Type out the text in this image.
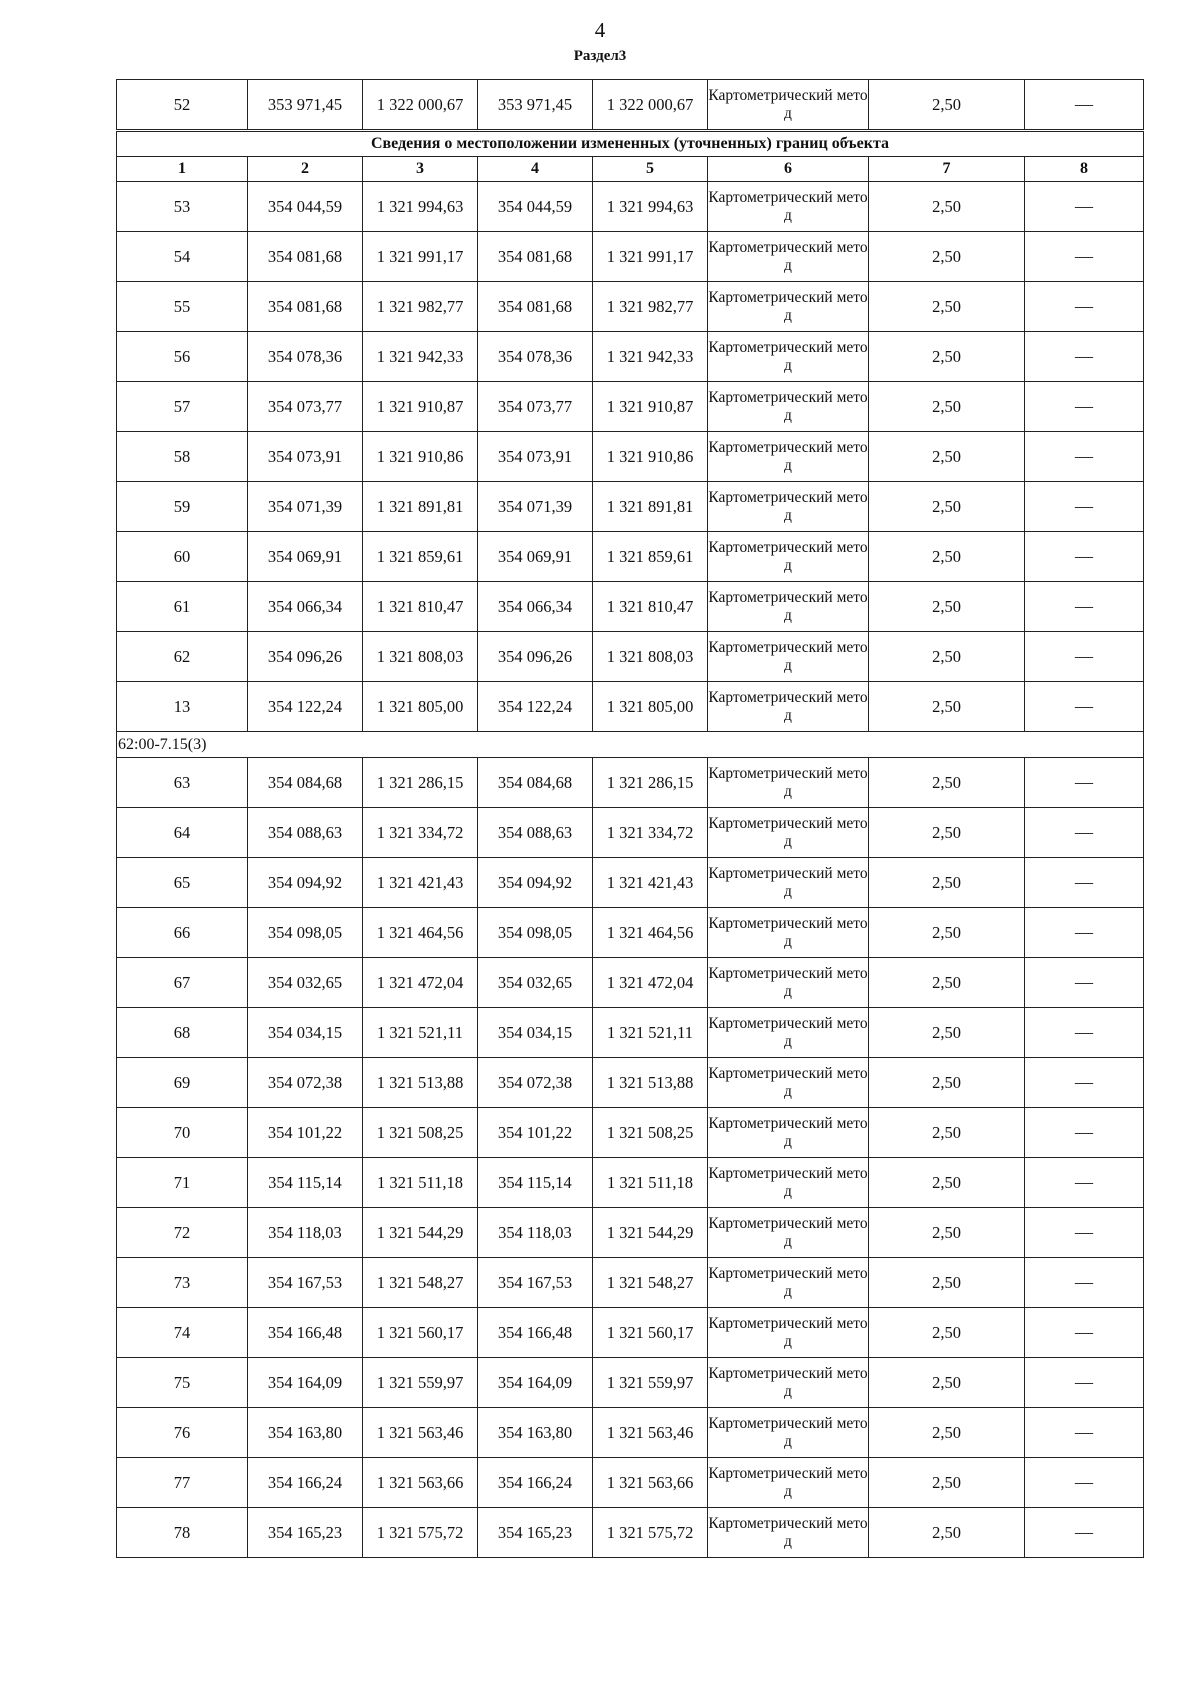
4
Раздел3
52	353 971,45	1 322 000,67	353 971,45	1 322 000,67	Картометрический метод	2,50	—
Сведения о местоположении измененных (уточненных) границ объекта							
1	2	3	4	5	6	7	8
53	354 044,59	1 321 994,63	354 044,59	1 321 994,63	Картометрический метод	2,50	—
54	354 081,68	1 321 991,17	354 081,68	1 321 991,17	Картометрический метод	2,50	—
55	354 081,68	1 321 982,77	354 081,68	1 321 982,77	Картометрический метод	2,50	—
56	354 078,36	1 321 942,33	354 078,36	1 321 942,33	Картометрический метод	2,50	—
57	354 073,77	1 321 910,87	354 073,77	1 321 910,87	Картометрический метод	2,50	—
58	354 073,91	1 321 910,86	354 073,91	1 321 910,86	Картометрический метод	2,50	—
59	354 071,39	1 321 891,81	354 071,39	1 321 891,81	Картометрический метод	2,50	—
60	354 069,91	1 321 859,61	354 069,91	1 321 859,61	Картометрический метод	2,50	—
61	354 066,34	1 321 810,47	354 066,34	1 321 810,47	Картометрический метод	2,50	—
62	354 096,26	1 321 808,03	354 096,26	1 321 808,03	Картометрический метод	2,50	—
13	354 122,24	1 321 805,00	354 122,24	1 321 805,00	Картометрический метод	2,50	—
62:00-7.15(3)							
63	354 084,68	1 321 286,15	354 084,68	1 321 286,15	Картометрический метод	2,50	—
64	354 088,63	1 321 334,72	354 088,63	1 321 334,72	Картометрический метод	2,50	—
65	354 094,92	1 321 421,43	354 094,92	1 321 421,43	Картометрический метод	2,50	—
66	354 098,05	1 321 464,56	354 098,05	1 321 464,56	Картометрический метод	2,50	—
67	354 032,65	1 321 472,04	354 032,65	1 321 472,04	Картометрический метод	2,50	—
68	354 034,15	1 321 521,11	354 034,15	1 321 521,11	Картометрический метод	2,50	—
69	354 072,38	1 321 513,88	354 072,38	1 321 513,88	Картометрический метод	2,50	—
70	354 101,22	1 321 508,25	354 101,22	1 321 508,25	Картометрический метод	2,50	—
71	354 115,14	1 321 511,18	354 115,14	1 321 511,18	Картометрический метод	2,50	—
72	354 118,03	1 321 544,29	354 118,03	1 321 544,29	Картометрический метод	2,50	—
73	354 167,53	1 321 548,27	354 167,53	1 321 548,27	Картометрический метод	2,50	—
74	354 166,48	1 321 560,17	354 166,48	1 321 560,17	Картометрический метод	2,50	—
75	354 164,09	1 321 559,97	354 164,09	1 321 559,97	Картометрический метод	2,50	—
76	354 163,80	1 321 563,46	354 163,80	1 321 563,46	Картометрический метод	2,50	—
77	354 166,24	1 321 563,66	354 166,24	1 321 563,66	Картометрический метод	2,50	—
78	354 165,23	1 321 575,72	354 165,23	1 321 575,72	Картометрический метод	2,50	—
